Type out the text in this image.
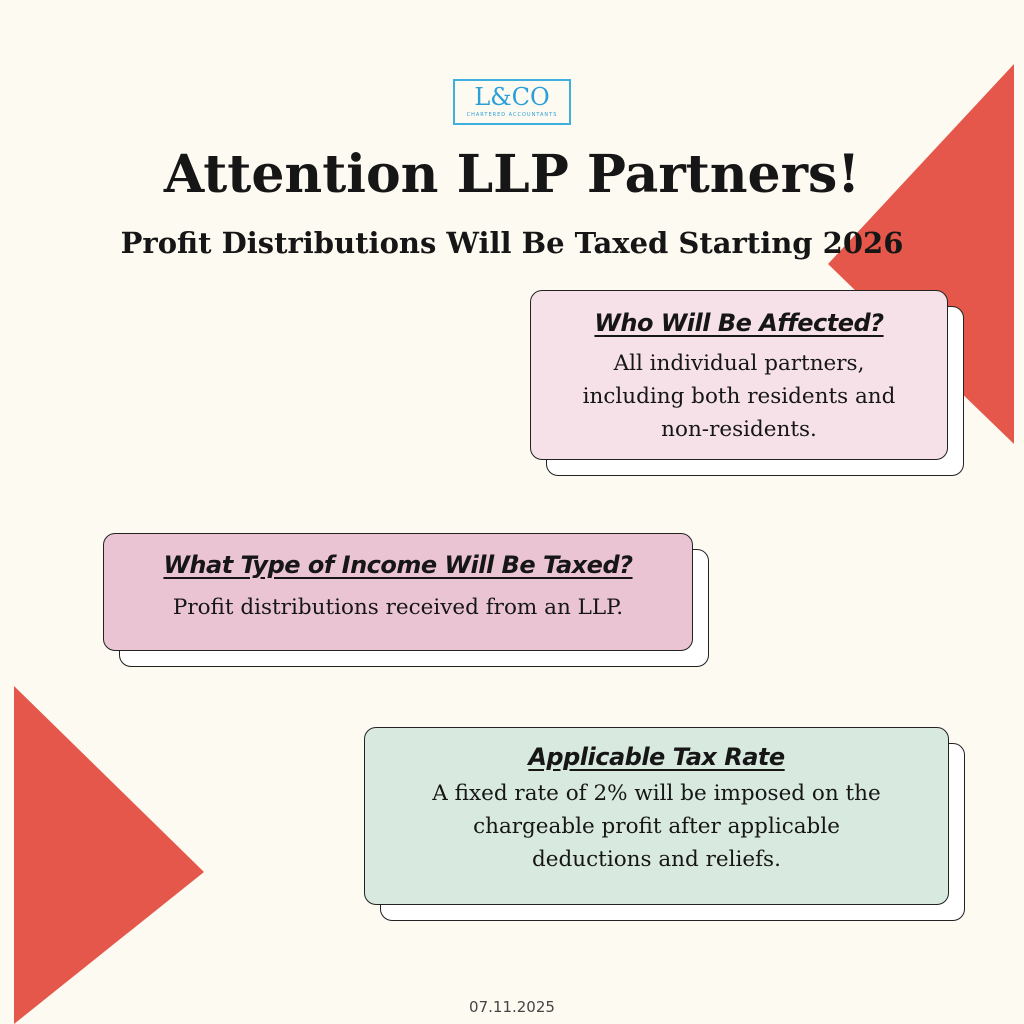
L&CO
CHARTERED ACCOUNTANTS
Attention LLP Partners!
Profit Distributions Will Be Taxed Starting 2026
Who Will Be Affected?
All individual partners,
including both residents and
non-residents.
What Type of Income Will Be Taxed?
Profit distributions received from an LLP.
Applicable Tax Rate
A fixed rate of 2% will be imposed on the
chargeable profit after applicable
deductions and reliefs.
07.11.2025
